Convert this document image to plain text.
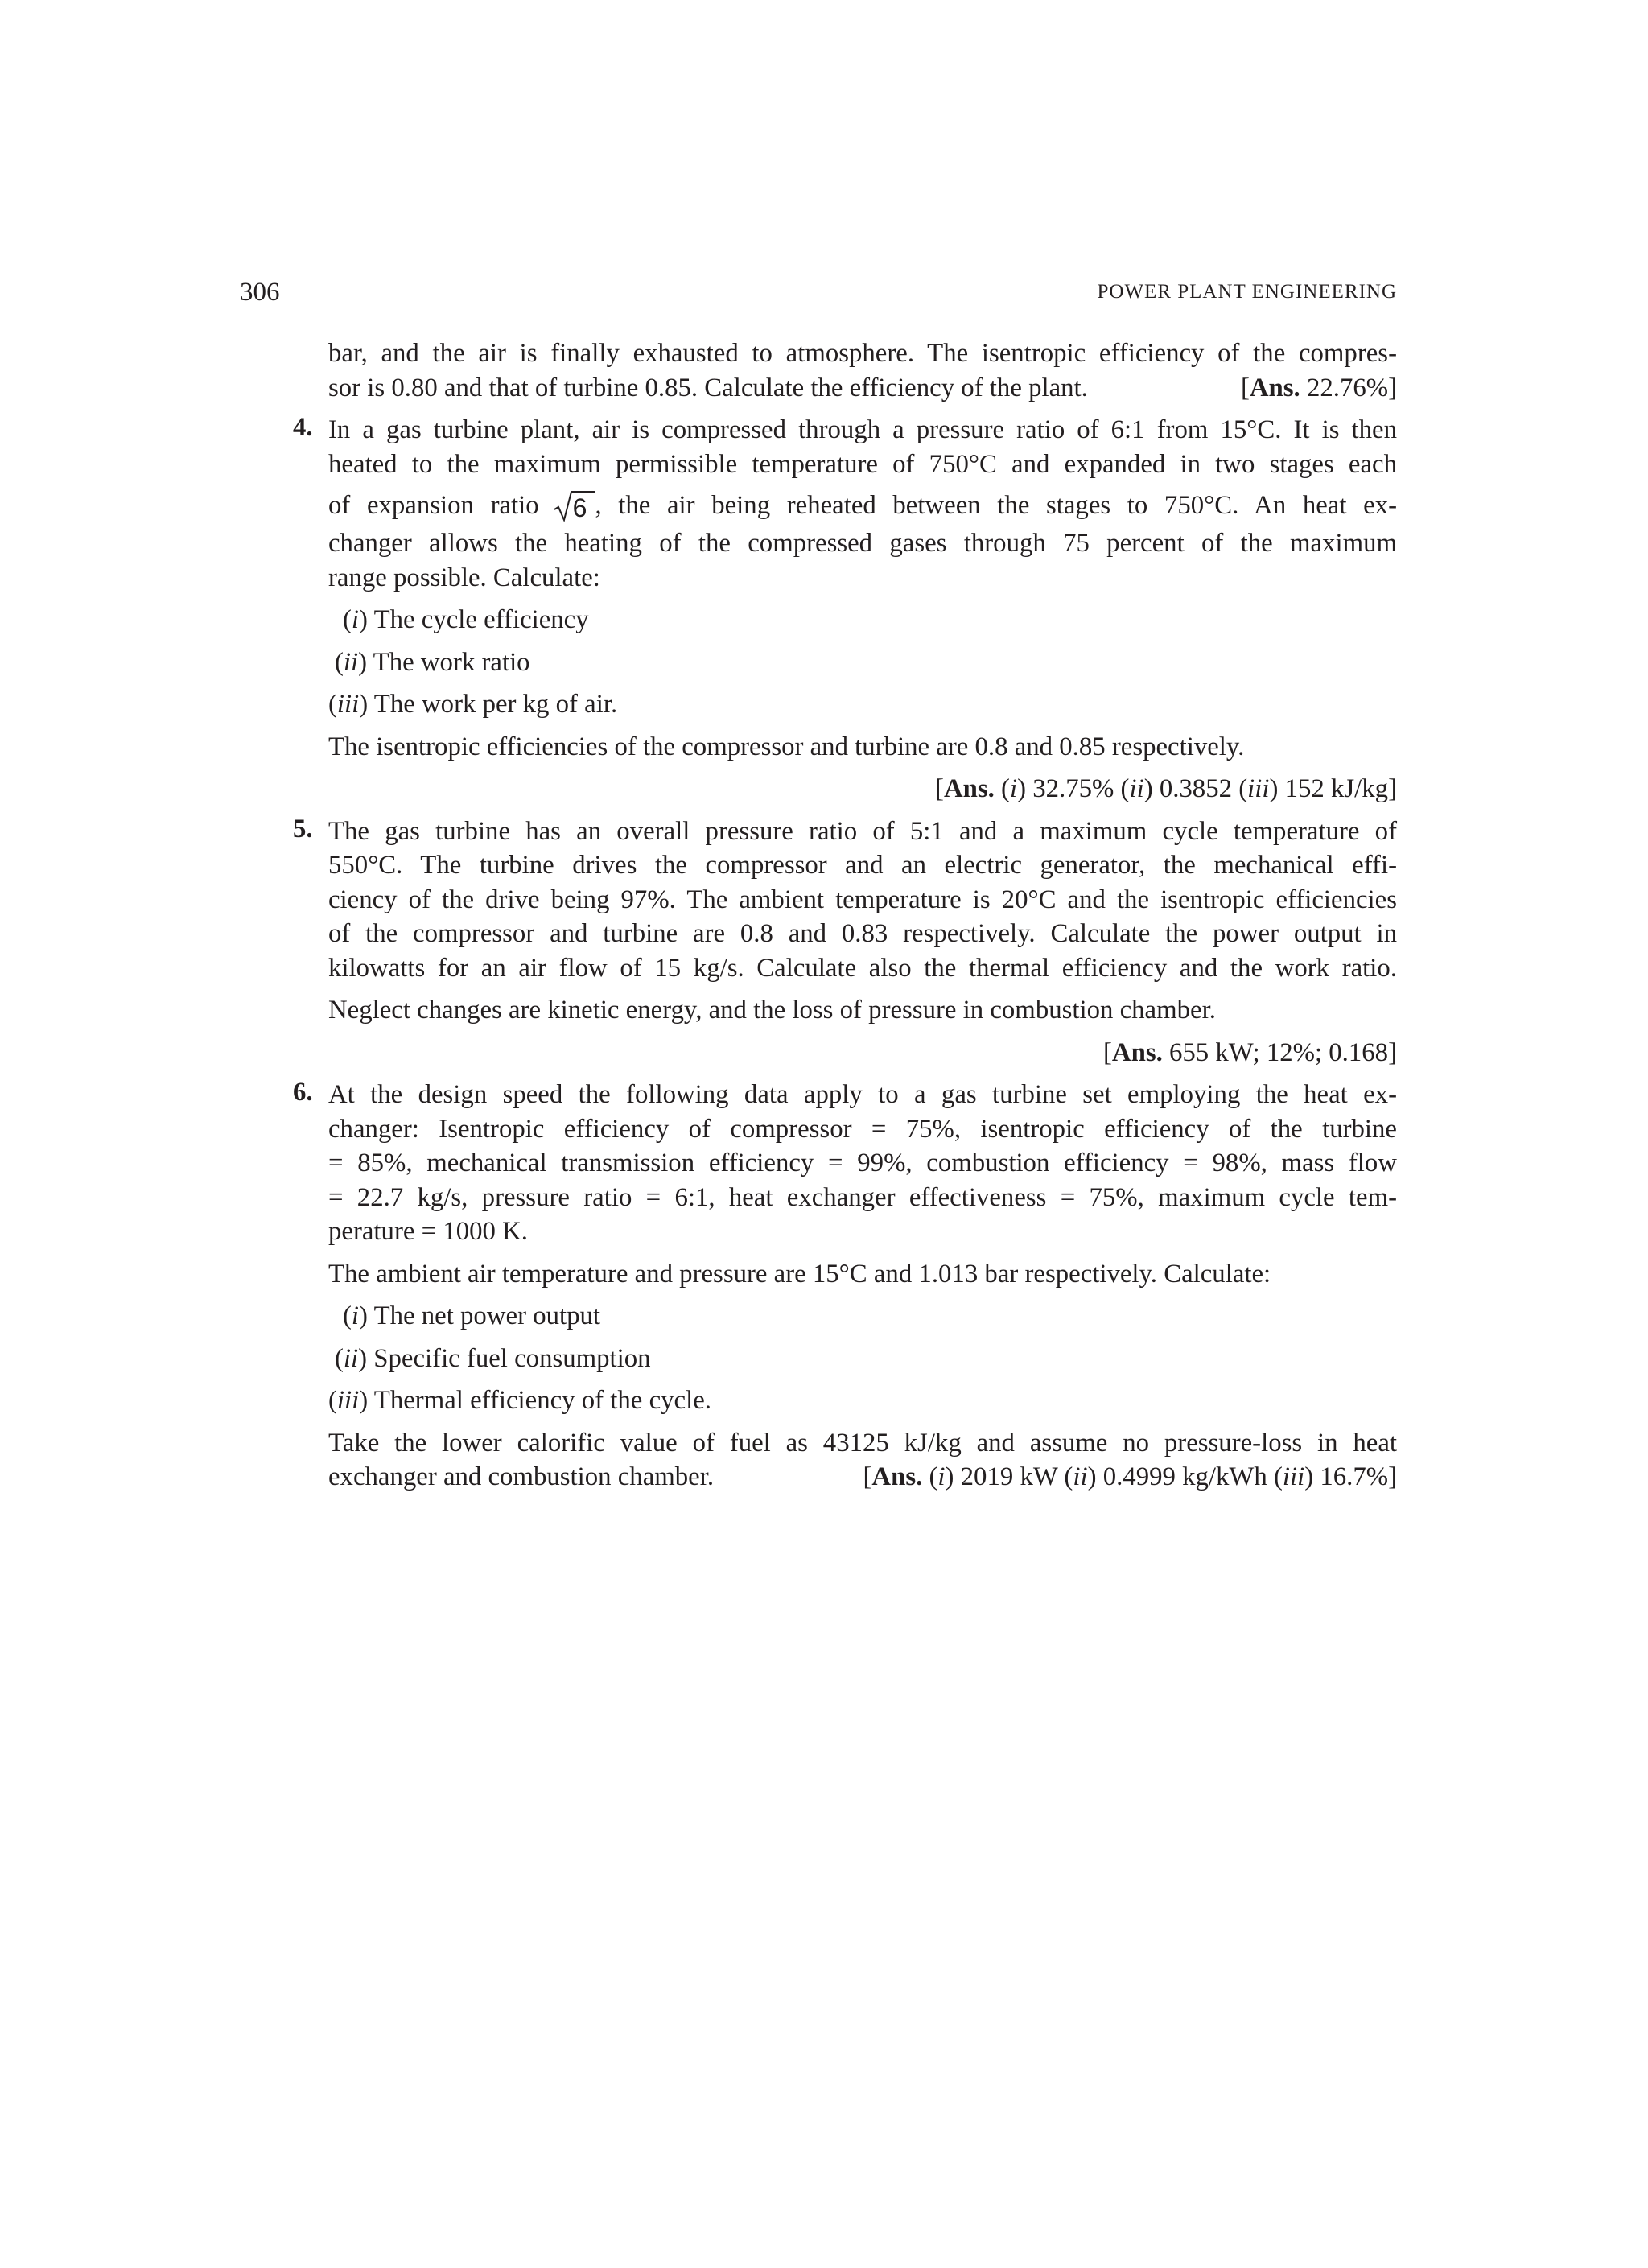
306	POWER PLANT ENGINEERING
bar, and the air is finally exhausted to atmosphere. The isentropic efficiency of the compres-
sor is 0.80 and that of turbine 0.85. Calculate the efficiency of the plant.	[Ans. 22.76%]
4. In a gas turbine plant, air is compressed through a pressure ratio of 6:1 from 15°C. It is then
heated to the maximum permissible temperature of 750°C and expanded in two stages each
of expansion ratio 6 , the air being reheated between the stages to 750°C. An heat ex-
changer allows the heating of the compressed gases through 75 percent of the maximum
range possible. Calculate:
(i) The cycle efficiency
(ii) The work ratio
(iii) The work per kg of air.
The isentropic efficiencies of the compressor and turbine are 0.8 and 0.85 respectively.
[Ans. (i) 32.75% (ii) 0.3852 (iii) 152 kJ/kg]
5. The gas turbine has an overall pressure ratio of 5:1 and a maximum cycle temperature of
550°C. The turbine drives the compressor and an electric generator, the mechanical effi-
ciency of the drive being 97%. The ambient temperature is 20°C and the isentropic efficiencies
of the compressor and turbine are 0.8 and 0.83 respectively. Calculate the power output in
kilowatts for an air flow of 15 kg/s. Calculate also the thermal efficiency and the work ratio.
Neglect changes are kinetic energy, and the loss of pressure in combustion chamber.
[Ans. 655 kW; 12%; 0.168]
6. At the design speed the following data apply to a gas turbine set employing the heat ex-
changer: Isentropic efficiency of compressor = 75%, isentropic efficiency of the turbine
= 85%, mechanical transmission efficiency = 99%, combustion efficiency = 98%, mass flow
= 22.7 kg/s, pressure ratio = 6:1, heat exchanger effectiveness = 75%, maximum cycle tem-
perature = 1000 K.
The ambient air temperature and pressure are 15°C and 1.013 bar respectively. Calculate:
(i) The net power output
(ii) Specific fuel consumption
(iii) Thermal efficiency of the cycle.
Take the lower calorific value of fuel as 43125 kJ/kg and assume no pressure-loss in heat
exchanger and combustion chamber.	[Ans. (i) 2019 kW (ii) 0.4999 kg/kWh (iii) 16.7%]
